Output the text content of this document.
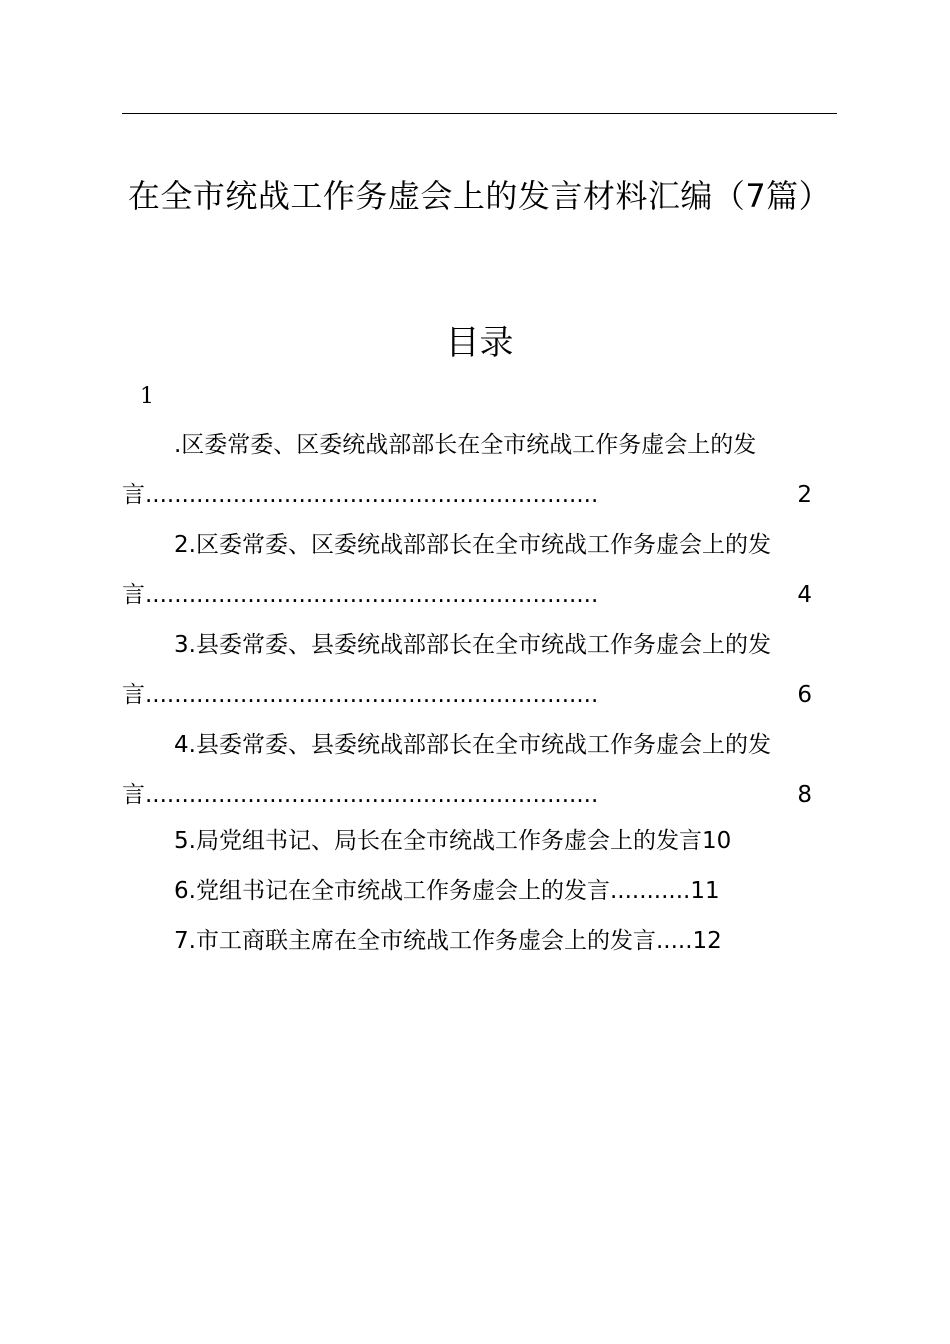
在全市统战工作务虚会上的发言材料汇编（7篇）
目录
1
.区委常委、区委统战部部长在全市统战工作务虚会上的发
言..............................................................	2
2.区委常委、区委统战部部长在全市统战工作务虚会上的发
言..............................................................	4
3.县委常委、县委统战部部长在全市统战工作务虚会上的发
言..............................................................	6
4.县委常委、县委统战部部长在全市统战工作务虚会上的发
言..............................................................	8
5.局党组书记、局长在全市统战工作务虚会上的发言10
6.党组书记在全市统战工作务虚会上的发言...........11
7.市工商联主席在全市统战工作务虚会上的发言.....12
